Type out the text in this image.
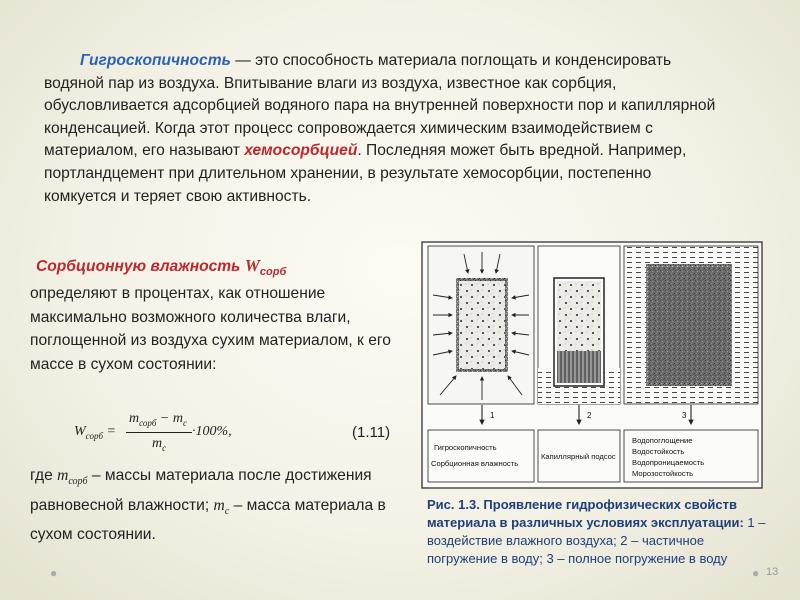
Гигроскопичность — это способность материала поглощать и конденсировать водяной пар из воздуха. Впитывание влаги из воздуха, известное как сорбция, обусловливается адсорбцией водяного пара на внутренней поверхности пор и капиллярной конденсацией. Когда этот процесс сопровождается химическим взаимодействием с материалом, его называют хемосорбцией. Последняя может быть вредной. Например, портландцемент при длительном хранении, в результате хемосорбции, постепенно комкуется и теряет свою активность.

Сорбционную влажность $W_{сорб}$

определяют в процентах, как отношение максимально возможного количества влаги, поглощенной из воздуха сухим материалом, к его массе в сухом состоянии:

$W_{сорб}$ =
$m_{сорб} - m_c$
$m_c$
·100%,	(1.11)

где $m_{сорб}$ – массы материала после достижения равновесной влажности; $m_c$ – масса материала в сухом состоянии.

1	2	3
Гигроскопичность
Сорбционная влажность
Капиллярный подсос
Водопоглощение
Водостойкость
Водопроницаемость
Морозостойкость

Рис. 1.3. Проявление гидрофизических свойств материала в различных условиях эксплуатации: 1 – воздействие влажного воздуха; 2 – частичное погружение в воду; 3 – полное погружение в воду

●	● 13
